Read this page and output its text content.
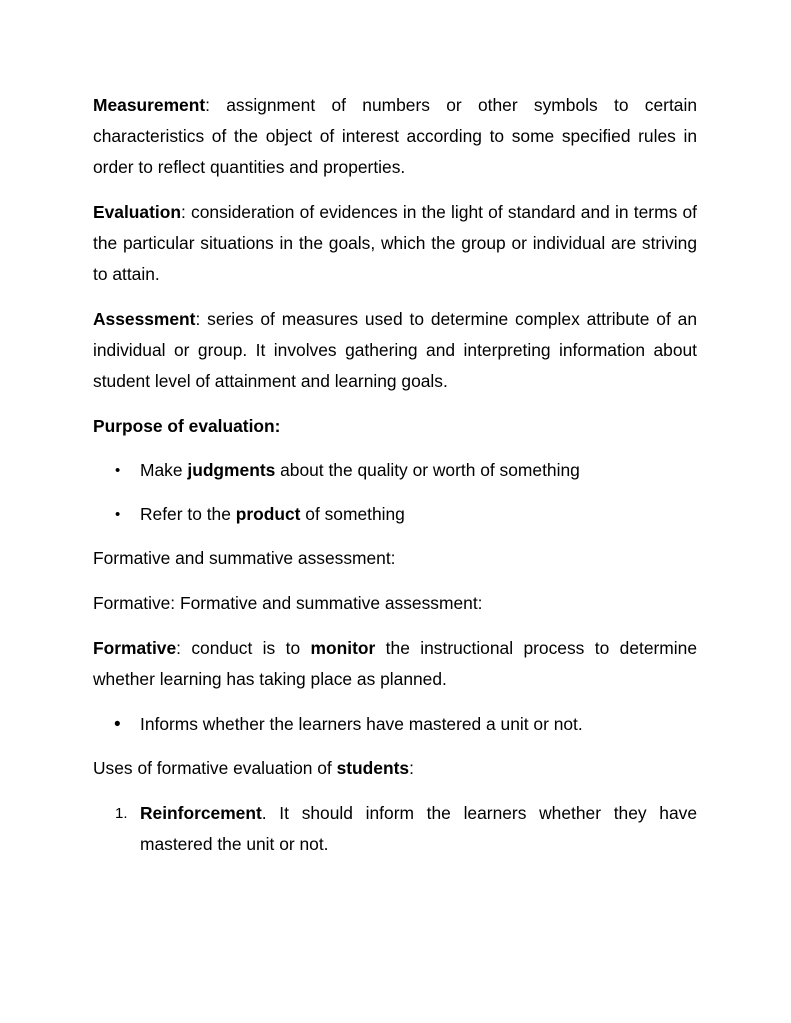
Measurement: assignment of numbers or other symbols to certain characteristics of the object of interest according to some specified rules in order to reflect quantities and properties.

Evaluation: consideration of evidences in the light of standard and in terms of the particular situations in the goals, which the group or individual are striving to attain.

Assessment: series of measures used to determine complex attribute of an individual or group. It involves gathering and interpreting information about student level of attainment and learning goals.

Purpose of evaluation:

• Make judgments about the quality or worth of something
• Refer to the product of something

Formative and summative assessment:

Formative: Formative and summative assessment:

Formative: conduct is to monitor the instructional process to determine whether learning has taking place as planned.

• Informs whether the learners have mastered a unit or not.

Uses of formative evaluation of students:

1. Reinforcement. It should inform the learners whether they have mastered the unit or not.
